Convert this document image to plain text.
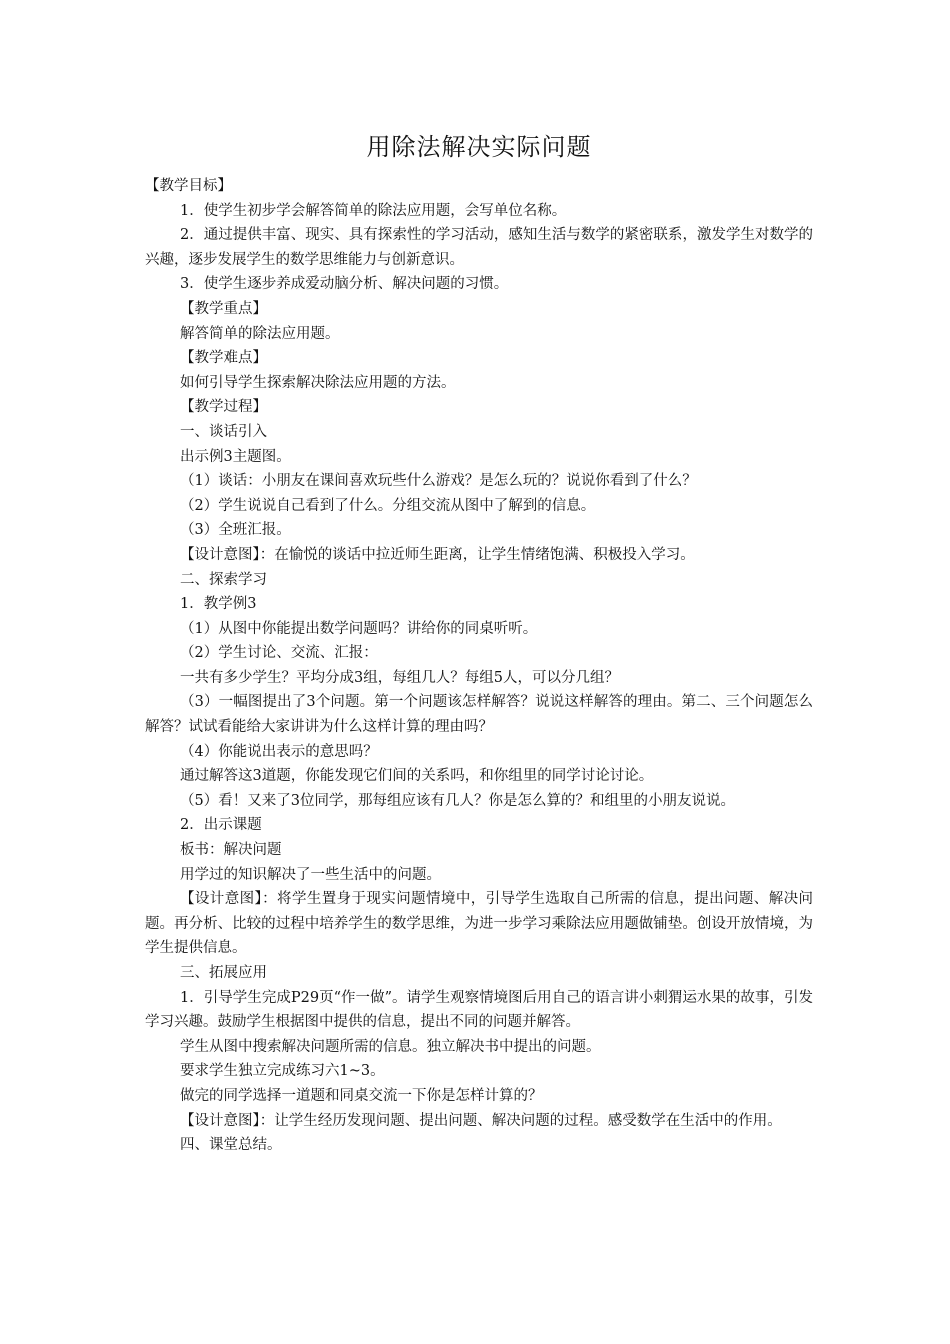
用除法解决实际问题

【教学目标】

1．使学生初步学会解答简单的除法应用题，会写单位名称。

2．通过提供丰富、现实、具有探索性的学习活动，感知生活与数学的紧密联系，激发学生对数学的兴趣，逐步发展学生的数学思维能力与创新意识。

3．使学生逐步养成爱动脑分析、解决问题的习惯。

【教学重点】

解答简单的除法应用题。

【教学难点】

如何引导学生探索解决除法应用题的方法。

【教学过程】

一、谈话引入

出示例3主题图。

（1）谈话：小朋友在课间喜欢玩些什么游戏？是怎么玩的？说说你看到了什么？

（2）学生说说自己看到了什么。分组交流从图中了解到的信息。

（3）全班汇报。

【设计意图】：在愉悦的谈话中拉近师生距离，让学生情绪饱满、积极投入学习。

二、探索学习

1．教学例3

（1）从图中你能提出数学问题吗？讲给你的同桌听听。

（2）学生讨论、交流、汇报：

一共有多少学生？平均分成3组，每组几人？每组5人，可以分几组？

（3）一幅图提出了3个问题。第一个问题该怎样解答？说说这样解答的理由。第二、三个问题怎么解答？试试看能给大家讲讲为什么这样计算的理由吗？

（4）你能说出表示的意思吗？

通过解答这3道题，你能发现它们间的关系吗，和你组里的同学讨论讨论。

（5）看！又来了3位同学，那每组应该有几人？你是怎么算的？和组里的小朋友说说。

2．出示课题

板书：解决问题

用学过的知识解决了一些生活中的问题。

【设计意图】：将学生置身于现实问题情境中，引导学生选取自己所需的信息，提出问题、解决问题。再分析、比较的过程中培养学生的数学思维，为进一步学习乘除法应用题做铺垫。创设开放情境，为学生提供信息。

三、拓展应用

1．引导学生完成P29页“作一做”。请学生观察情境图后用自己的语言讲小刺猬运水果的故事，引发学习兴趣。鼓励学生根据图中提供的信息，提出不同的问题并解答。

学生从图中搜索解决问题所需的信息。独立解决书中提出的问题。

要求学生独立完成练习六1~3。

做完的同学选择一道题和同桌交流一下你是怎样计算的？

【设计意图】：让学生经历发现问题、提出问题、解决问题的过程。感受数学在生活中的作用。

四、课堂总结。
